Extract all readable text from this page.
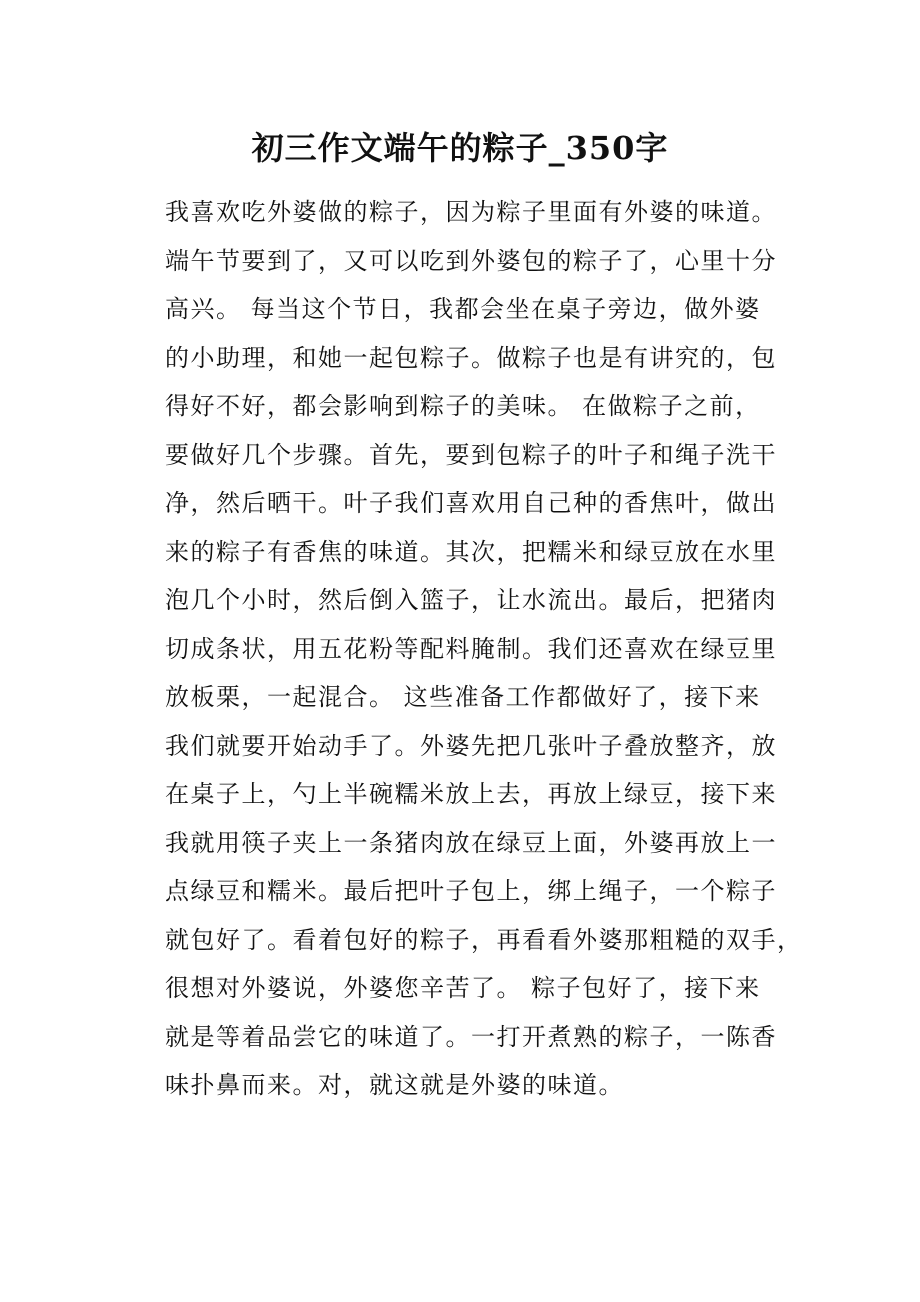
初三作文端午的粽子_350字
我喜欢吃外婆做的粽子，因为粽子里面有外婆的味道。
端午节要到了，又可以吃到外婆包的粽子了，心里十分
高兴。 每当这个节日，我都会坐在桌子旁边，做外婆
的小助理，和她一起包粽子。做粽子也是有讲究的，包
得好不好，都会影响到粽子的美味。 在做粽子之前，
要做好几个步骤。首先，要到包粽子的叶子和绳子洗干
净，然后晒干。叶子我们喜欢用自己种的香焦叶，做出
来的粽子有香焦的味道。其次，把糯米和绿豆放在水里
泡几个小时，然后倒入篮子，让水流出。最后，把猪肉
切成条状，用五花粉等配料腌制。我们还喜欢在绿豆里
放板栗，一起混合。 这些准备工作都做好了，接下来
我们就要开始动手了。外婆先把几张叶子叠放整齐，放
在桌子上，勺上半碗糯米放上去，再放上绿豆，接下来
我就用筷子夹上一条猪肉放在绿豆上面，外婆再放上一
点绿豆和糯米。最后把叶子包上，绑上绳子，一个粽子
就包好了。看着包好的粽子，再看看外婆那粗糙的双手，
很想对外婆说，外婆您辛苦了。 粽子包好了，接下来
就是等着品尝它的味道了。一打开煮熟的粽子，一陈香
味扑鼻而来。对，就这就是外婆的味道。
